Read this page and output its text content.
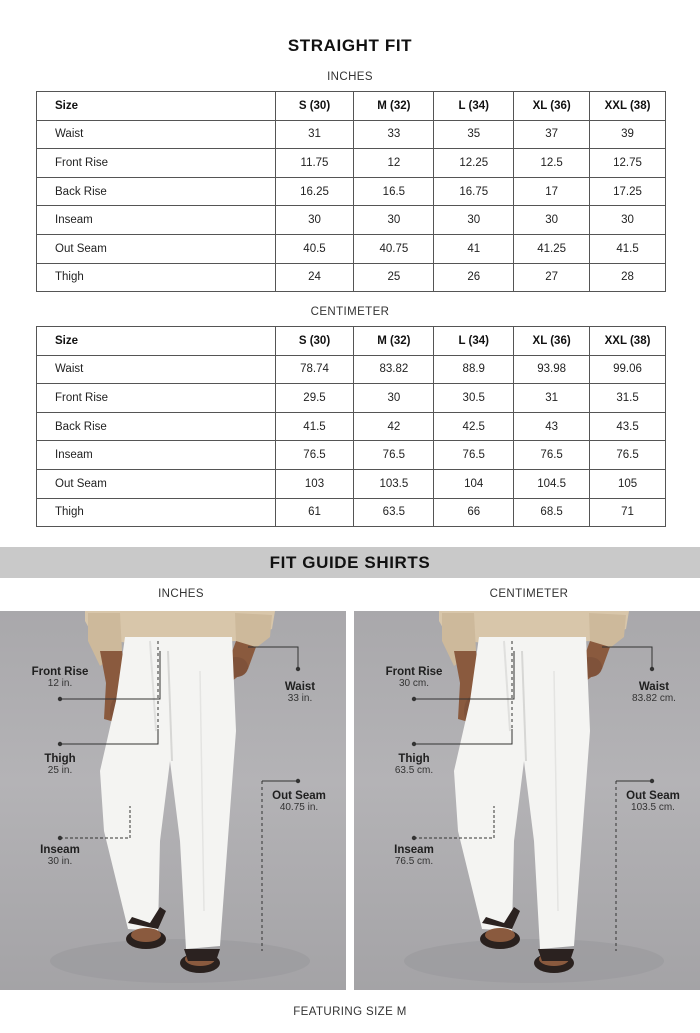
STRAIGHT FIT
INCHES
Size	S (30)	M (32)	L (34)	XL (36)	XXL (38)
Waist	31	33	35	37	39
Front Rise	11.75	12	12.25	12.5	12.75
Back Rise	16.25	16.5	16.75	17	17.25
Inseam	30	30	30	30	30
Out Seam	40.5	40.75	41	41.25	41.5
Thigh	24	25	26	27	28
CENTIMETER
Size	S (30)	M (32)	L (34)	XL (36)	XXL (38)
Waist	78.74	83.82	88.9	93.98	99.06
Front Rise	29.5	30	30.5	31	31.5
Back Rise	41.5	42	42.5	43	43.5
Inseam	76.5	76.5	76.5	76.5	76.5
Out Seam	103	103.5	104	104.5	105
Thigh	61	63.5	66	68.5	71
FIT GUIDE SHIRTS
INCHES	CENTIMETER
Front Rise
12 in.
Thigh
25 in.
Inseam
30 in.
Waist
33 in.
Out Seam
40.75 in.
Front Rise
30 cm.
Thigh
63.5 cm.
Inseam
76.5 cm.
Waist
83.82 cm.
Out Seam
103.5 cm.
FEATURING SIZE M
